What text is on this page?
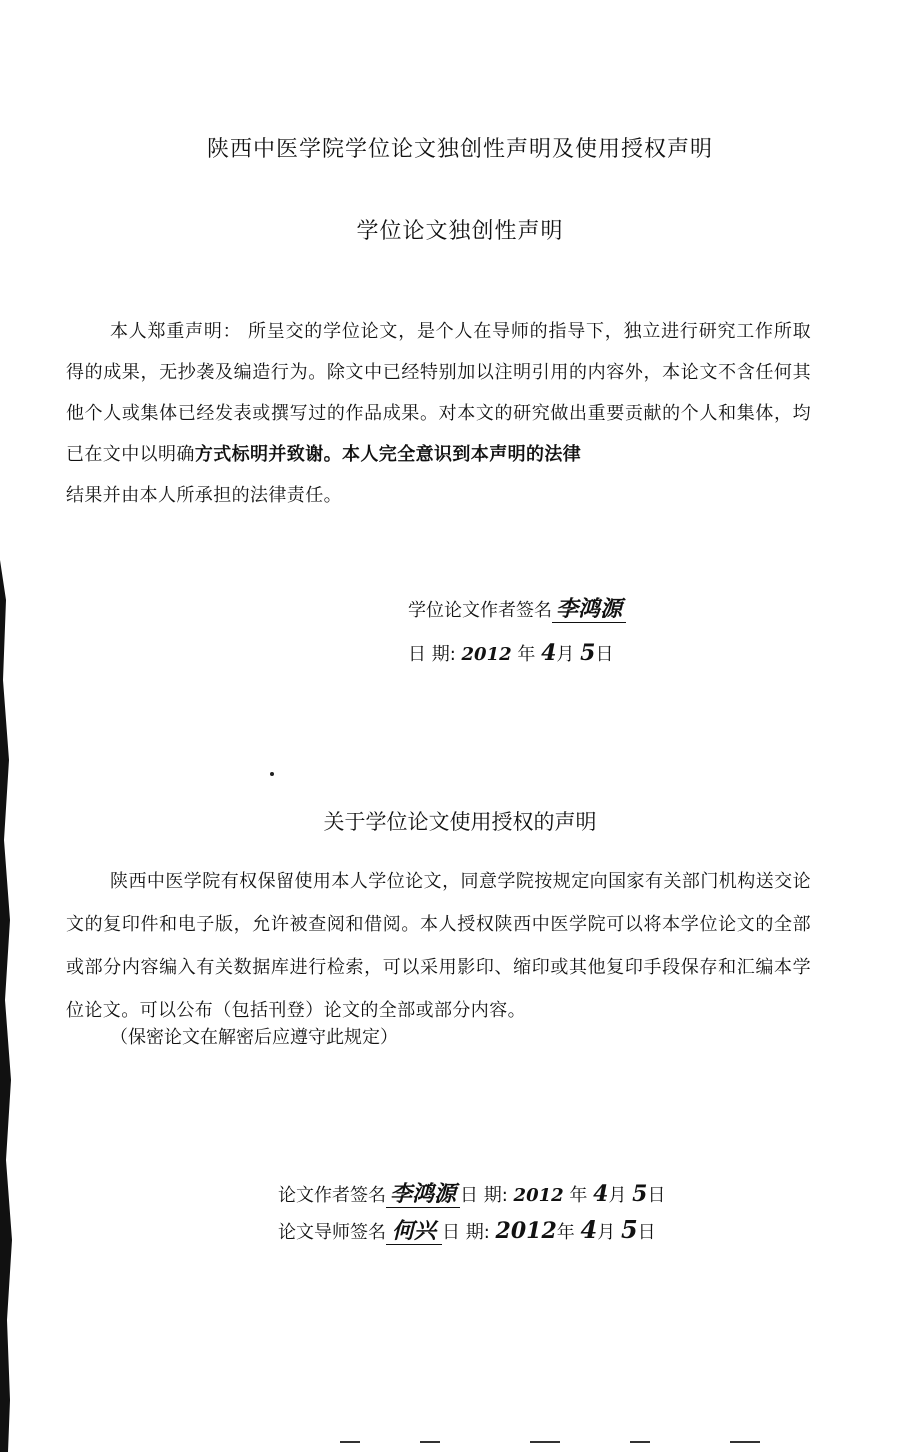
陕西中医学院学位论文独创性声明及使用授权声明
学位论文独创性声明
本人郑重声明： 所呈交的学位论文，是个人在导师的指导下，独立进行研究工作所取得的成果，无抄袭及编造行为。除文中已经特别加以注明引用的内容外，本论文不含任何其他个人或集体已经发表或撰写过的作品成果。对本文的研究做出重要贡献的个人和集体，均已在文中以明确方式标明并致谢。本人完全意识到本声明的法律
结果并由本人所承担的法律责任。
学位论文作者签名 李鸿源
日 期: 2012 年 4月 5日
关于学位论文使用授权的声明
陕西中医学院有权保留使用本人学位论文，同意学院按规定向国家有关部门机构送交论文的复印件和电子版，允许被查阅和借阅。本人授权陕西中医学院可以将本学位论文的全部或部分内容编入有关数据库进行检索，可以采用影印、缩印或其他复印手段保存和汇编本学位论文。可以公布（包括刊登）论文的全部或部分内容。
（保密论文在解密后应遵守此规定）
论文作者签名 李鸿源 日 期: 2012 年 4月 5日
论文导师签名 何兴 日 期: 2012年 4月 5日
